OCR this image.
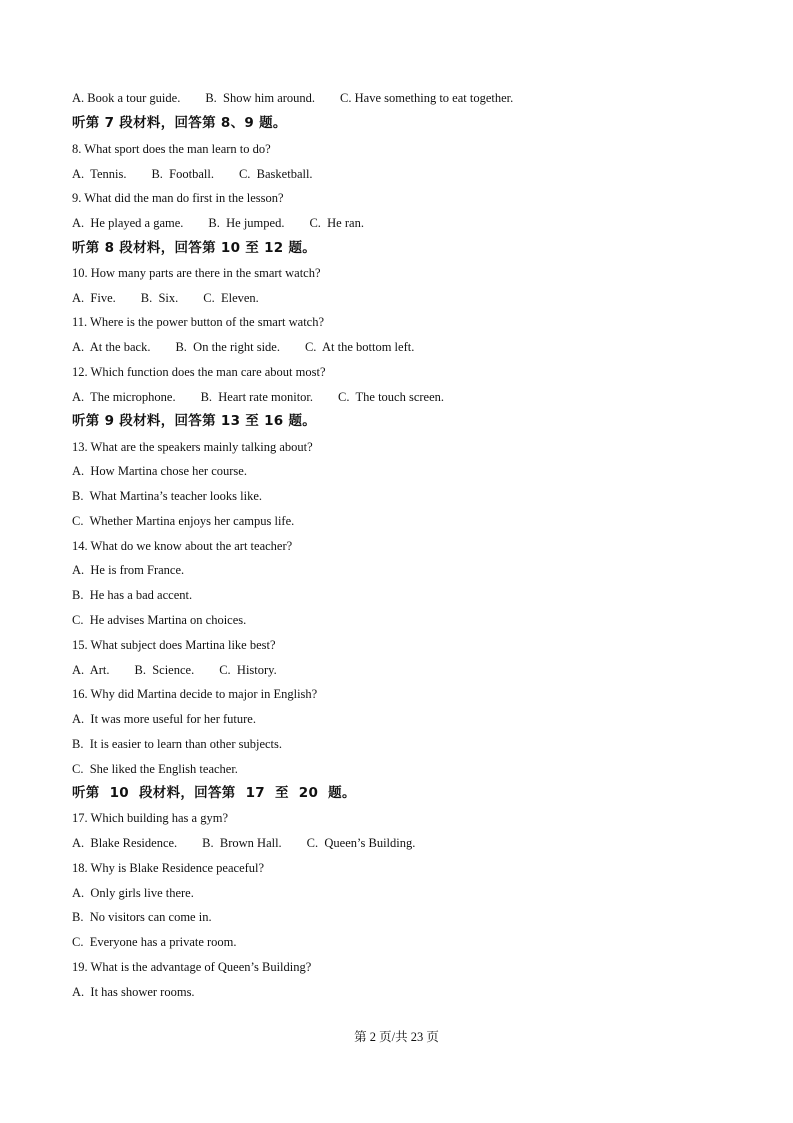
A. Book a tour guide.        B.  Show him around.        C. Have something to eat together.
听第 7 段材料，回答第 8、9 题。
8. What sport does the man learn to do?
A.  Tennis.        B.  Football.        C.  Basketball.
9. What did the man do first in the lesson?
A.  He played a game.        B.  He jumped.        C.  He ran.
听第 8 段材料，回答第 10 至 12 题。
10. How many parts are there in the smart watch?
A.  Five.        B.  Six.        C.  Eleven.
11. Where is the power button of the smart watch?
A.  At the back.        B.  On the right side.        C.  At the bottom left.
12. Which function does the man care about most?
A.  The microphone.        B.  Heart rate monitor.        C.  The touch screen.
听第 9 段材料，回答第 13 至 16 题。
13. What are the speakers mainly talking about?
A.  How Martina chose her course.
B.  What Martina’s teacher looks like.
C.  Whether Martina enjoys her campus life.
14. What do we know about the art teacher?
A.  He is from France.
B.  He has a bad accent.
C.  He advises Martina on choices.
15. What subject does Martina like best?
A.  Art.        B.  Science.        C.  History.
16. Why did Martina decide to major in English?
A.  It was more useful for her future.
B.  It is easier to learn than other subjects.
C.  She liked the English teacher.
听第  10  段材料，回答第  17  至  20  题。
17. Which building has a gym?
A.  Blake Residence.        B.  Brown Hall.        C.  Queen’s Building.
18. Why is Blake Residence peaceful?
A.  Only girls live there.
B.  No visitors can come in.
C.  Everyone has a private room.
19. What is the advantage of Queen’s Building?
A.  It has shower rooms.
第 2 页/共 23 页
